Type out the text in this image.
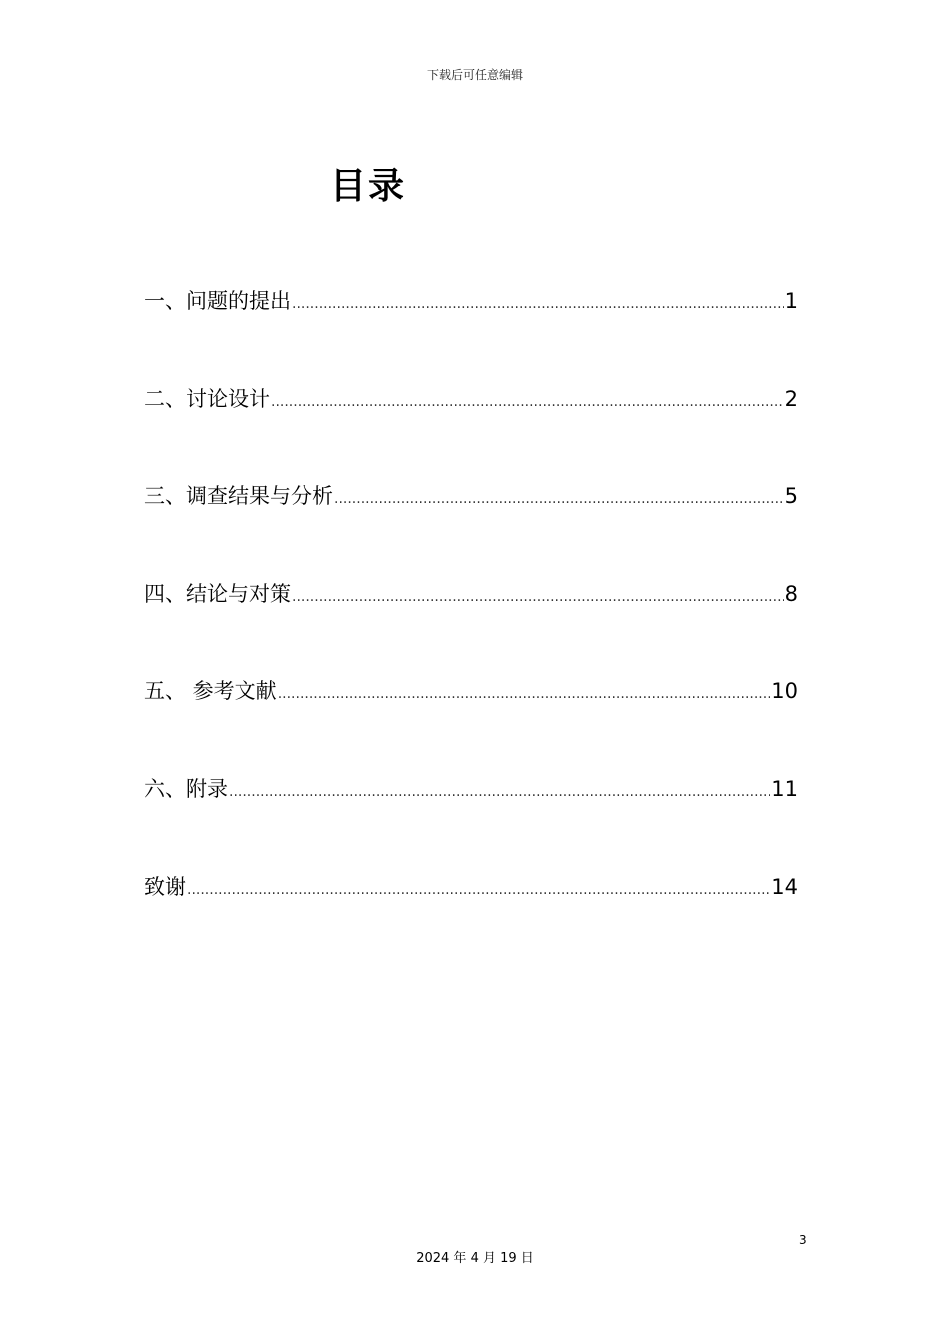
下载后可任意编辑
目录
一、问题的提出 .....	1
二、讨论设计 .....	2
三、调查结果与分析 .....	5
四、结论与对策 .....	8
五、 参考文献 .....	10
六、附录 .....	11
致谢 .....	14
3
2024 年 4 月 19 日
